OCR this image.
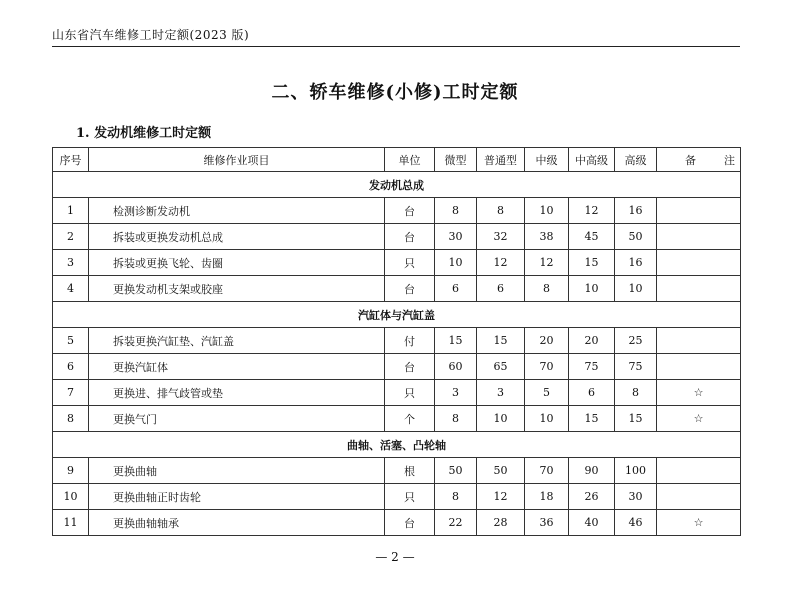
山东省汽车维修工时定额(2023 版)
二、轿车维修(小修)工时定额
1. 发动机维修工时定额
序号	维修作业项目	单位	微型	普通型	中级	中高级	高级	备注
发动机总成								
1	检测诊断发动机	台	8	8	10	12	16	
2	拆装或更换发动机总成	台	30	32	38	45	50	
3	拆装或更换飞轮、齿圈	只	10	12	12	15	16	
4	更换发动机支架或胶座	台	6	6	8	10	10	
汽缸体与汽缸盖								
5	拆装更换汽缸垫、汽缸盖	付	15	15	20	20	25	
6	更换汽缸体	台	60	65	70	75	75	
7	更换进、排气歧管或垫	只	3	3	5	6	8	☆
8	更换气门	个	8	10	10	15	15	☆
曲轴、活塞、凸轮轴								
9	更换曲轴	根	50	50	70	90	100	
10	更换曲轴正时齿轮	只	8	12	18	26	30	
11	更换曲轴轴承	台	22	28	36	40	46	☆
— 2 —
